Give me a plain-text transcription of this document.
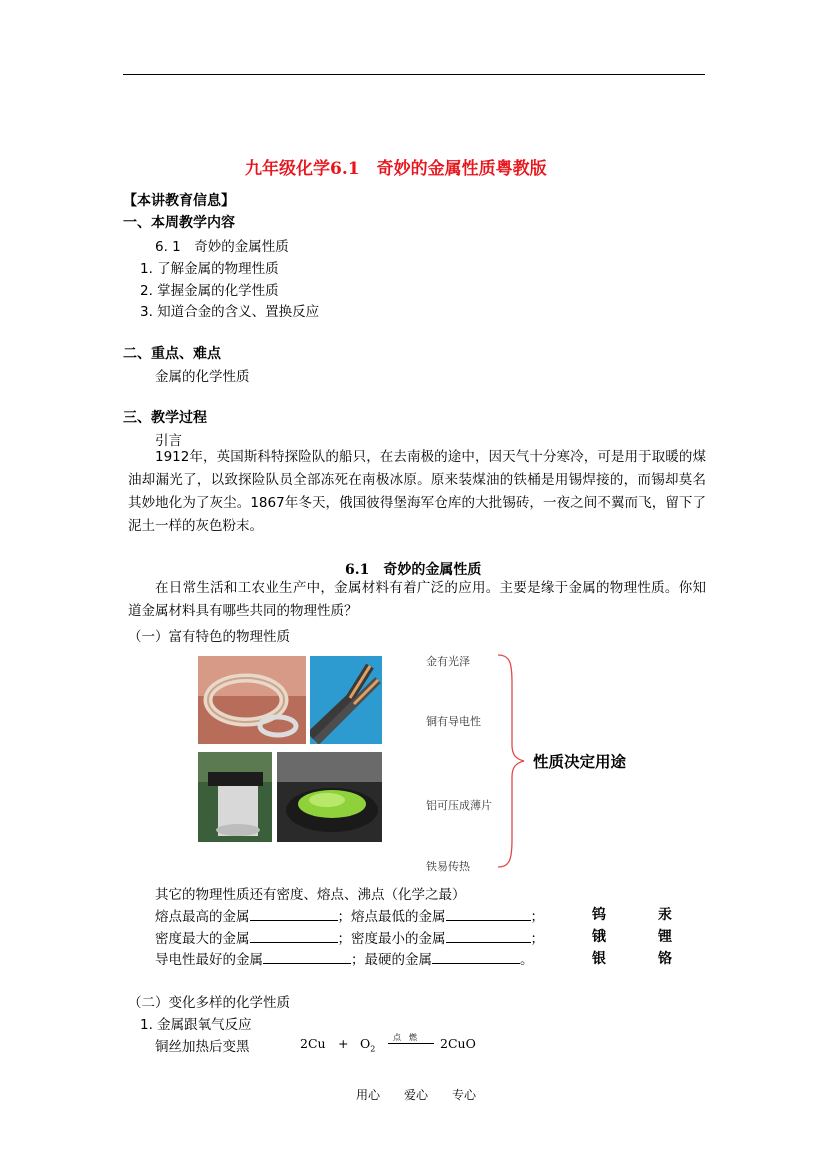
九年级化学6.1　奇妙的金属性质粤教版
【本讲教育信息】
一、本周教学内容
6. 1　奇妙的金属性质
1. 了解金属的物理性质
2. 掌握金属的化学性质
3. 知道合金的含义、置换反应
二、重点、难点
金属的化学性质
三、教学过程
引言
1912年，英国斯科特探险队的船只，在去南极的途中，因天气十分寒冷，可是用于取暖的煤油却漏光了，以致探险队员全部冻死在南极冰原。原来装煤油的铁桶是用锡焊接的，而锡却莫名其妙地化为了灰尘。1867年冬天，俄国彼得堡海军仓库的大批锡砖，一夜之间不翼而飞，留下了泥土一样的灰色粉末。
6.1　奇妙的金属性质
在日常生活和工农业生产中，金属材料有着广泛的应用。主要是缘于金属的物理性质。你知道金属材料具有哪些共同的物理性质？
（一）富有特色的物理性质
金有光泽
铜有导电性
铝可压成薄片
铁易传热
性质决定用途
其它的物理性质还有密度、熔点、沸点（化学之最）
熔点最高的金属	；熔点最低的金属	；	钨	汞
密度最大的金属	；密度最小的金属	；	锇	锂
导电性最好的金属	；最硬的金属	。	银	铬
（二）变化多样的化学性质
1. 金属跟氧气反应
铜丝加热后变黑	$2Cu + O_2$
点　燃 2CuO
用心　　爱心　　专心
